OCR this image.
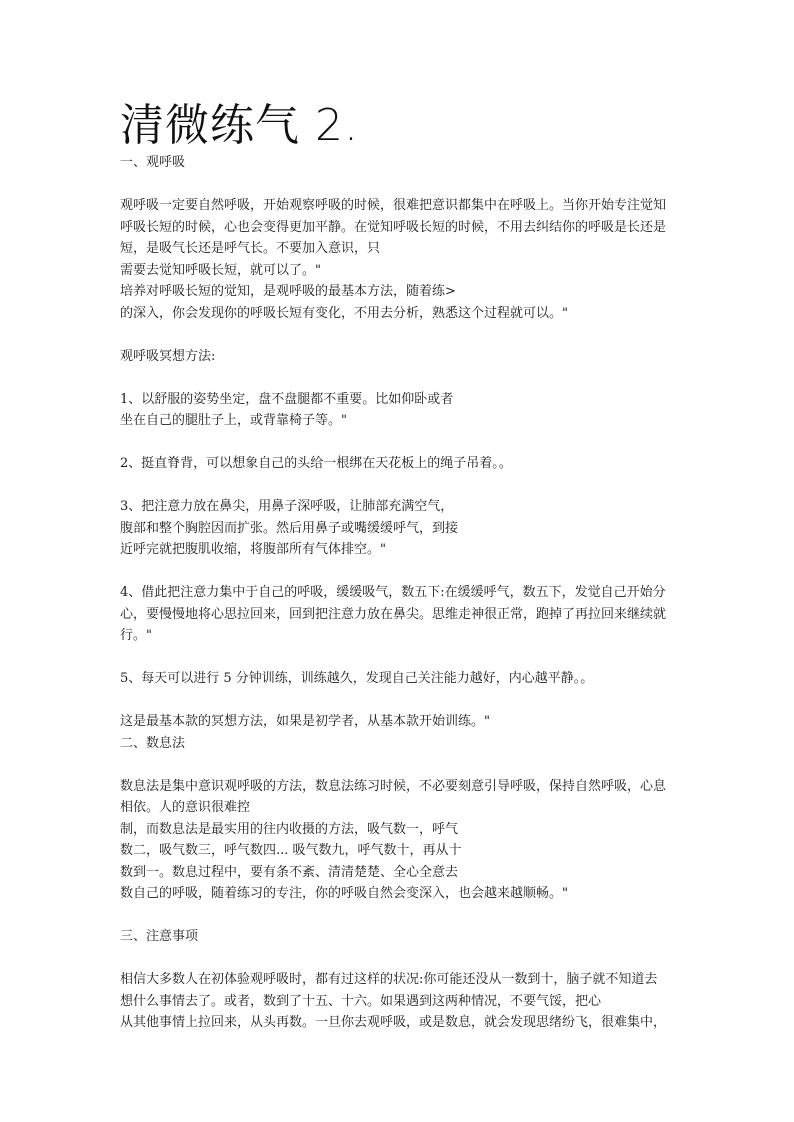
清微练气 2.
一、观呼吸
观呼吸一定要自然呼吸，开始观察呼吸的时候，很难把意识都集中在呼吸上。当你开始专注觉知
呼吸长短的时候，心也会变得更加平静。在觉知呼吸长短的时候，不用去纠结你的呼吸是长还是
短，是吸气长还是呼气长。不要加入意识，只
需要去觉知呼吸长短，就可以了。"
培养对呼吸长短的觉知，是观呼吸的最基本方法，随着练>
的深入，你会发现你的呼吸长短有变化，不用去分析，熟悉这个过程就可以。"
观呼吸冥想方法:
1、以舒服的姿势坐定，盘不盘腿都不重要。比如仰卧或者
坐在自己的腿肚子上，或背靠椅子等。"
2、挺直脊背，可以想象自己的头给一根绑在天花板上的绳子吊着。。
3、把注意力放在鼻尖，用鼻子深呼吸，让肺部充满空气，
腹部和整个胸腔因而扩张。然后用鼻子或嘴缓缓呼气，到接
近呼完就把腹肌收缩，将腹部所有气体排空。"
4、借此把注意力集中于自己的呼吸，缓缓吸气，数五下:在缓缓呼气，数五下，发觉自己开始分
心，要慢慢地将心思拉回来，回到把注意力放在鼻尖。思维走神很正常，跑掉了再拉回来继续就
行。"
5、每天可以进行 5 分钟训练，训练越久，发现自己关注能力越好，内心越平静。。
这是最基本款的冥想方法，如果是初学者，从基本款开始训练。"
二、数息法
数息法是集中意识观呼吸的方法，数息法练习时候，不必要刻意引导呼吸，保持自然呼吸，心息
相依。人的意识很难控
制，而数息法是最实用的往内收摄的方法，吸气数一，呼气
数二，吸气数三，呼气数四... 吸气数九，呼气数十，再从十
数到一。数息过程中，要有条不紊、清清楚楚、全心全意去
数自己的呼吸，随着练习的专注，你的呼吸自然会变深入，也会越来越顺畅。"
三、注意事项
相信大多数人在初体验观呼吸时，都有过这样的状况:你可能还没从一数到十，脑子就不知道去
想什么事情去了。或者，数到了十五、十六。如果遇到这两种情况，不要气馁，把心
从其他事情上拉回来，从头再数。一旦你去观呼吸，或是数息，就会发现思绪纷飞，很难集中，
